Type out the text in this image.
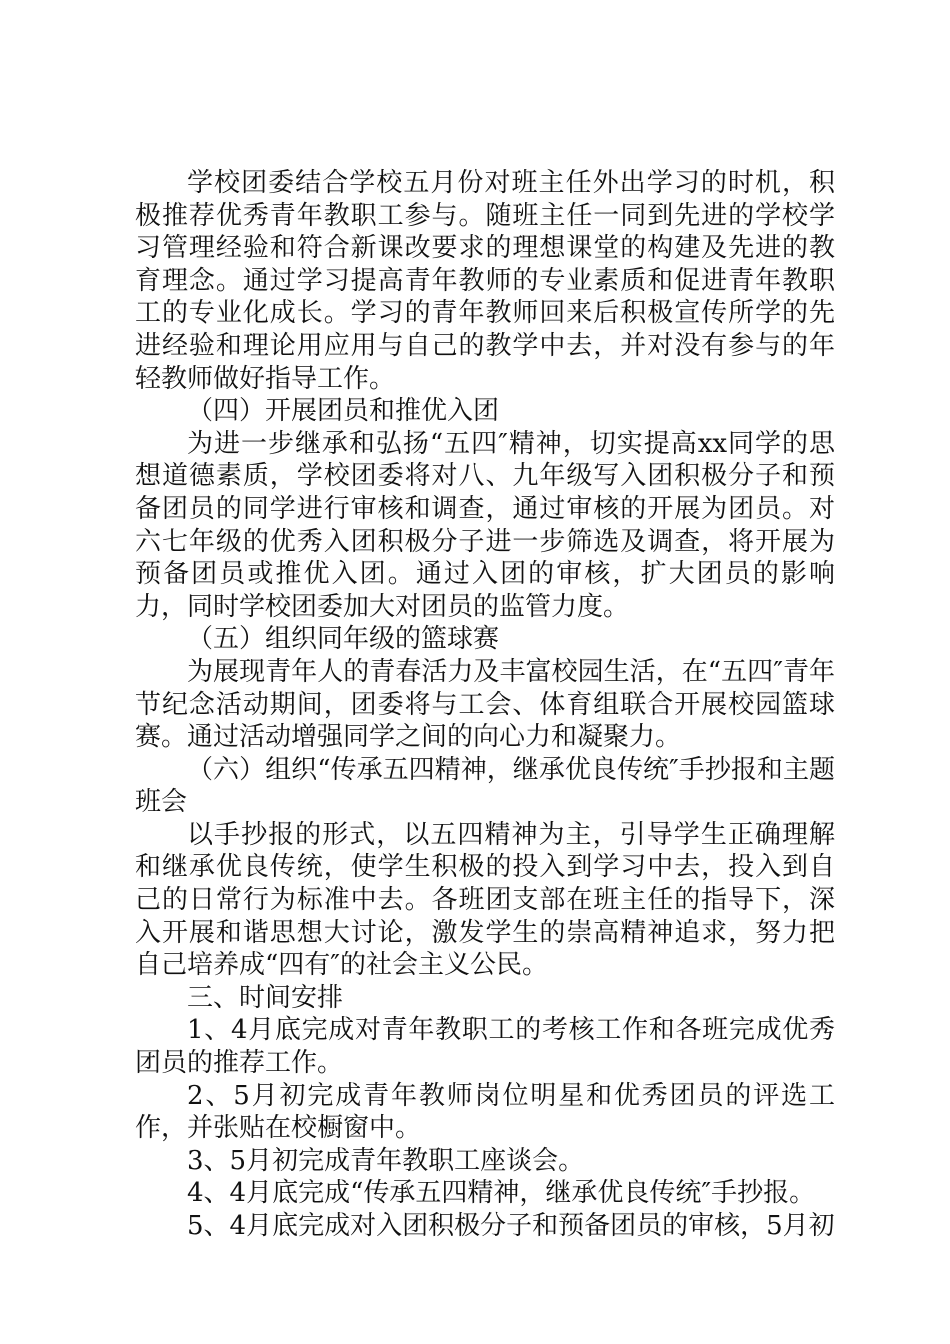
学校团委结合学校五月份对班主任外出学习的时机，积极推荐优秀青年教职工参与。随班主任一同到先进的学校学习管理经验和符合新课改要求的理想课堂的构建及先进的教育理念。通过学习提高青年教师的专业素质和促进青年教职工的专业化成长。学习的青年教师回来后积极宣传所学的先进经验和理论用应用与自己的教学中去，并对没有参与的年轻教师做好指导工作。

（四）开展团员和推优入团

为进一步继承和弘扬“五四″精神，切实提高xx同学的思想道德素质，学校团委将对八、九年级写入团积极分子和预备团员的同学进行审核和调查，通过审核的开展为团员。对六七年级的优秀入团积极分子进一步筛选及调查，将开展为预备团员或推优入团。通过入团的审核，扩大团员的影响力，同时学校团委加大对团员的监管力度。

（五）组织同年级的篮球赛

为展现青年人的青春活力及丰富校园生活，在“五四″青年节纪念活动期间，团委将与工会、体育组联合开展校园篮球赛。通过活动增强同学之间的向心力和凝聚力。

（六）组织“传承五四精神，继承优良传统″手抄报和主题班会

以手抄报的形式，以五四精神为主，引导学生正确理解和继承优良传统，使学生积极的投入到学习中去，投入到自己的日常行为标准中去。各班团支部在班主任的指导下，深入开展和谐思想大讨论，激发学生的崇高精神追求，努力把自己培养成“四有″的社会主义公民。

三、时间安排

1、4月底完成对青年教职工的考核工作和各班完成优秀团员的推荐工作。

2、5月初完成青年教师岗位明星和优秀团员的评选工作，并张贴在校橱窗中。

3、5月初完成青年教职工座谈会。

4、4月底完成“传承五四精神，继承优良传统″手抄报。

5、4月底完成对入团积极分子和预备团员的审核，5月初
